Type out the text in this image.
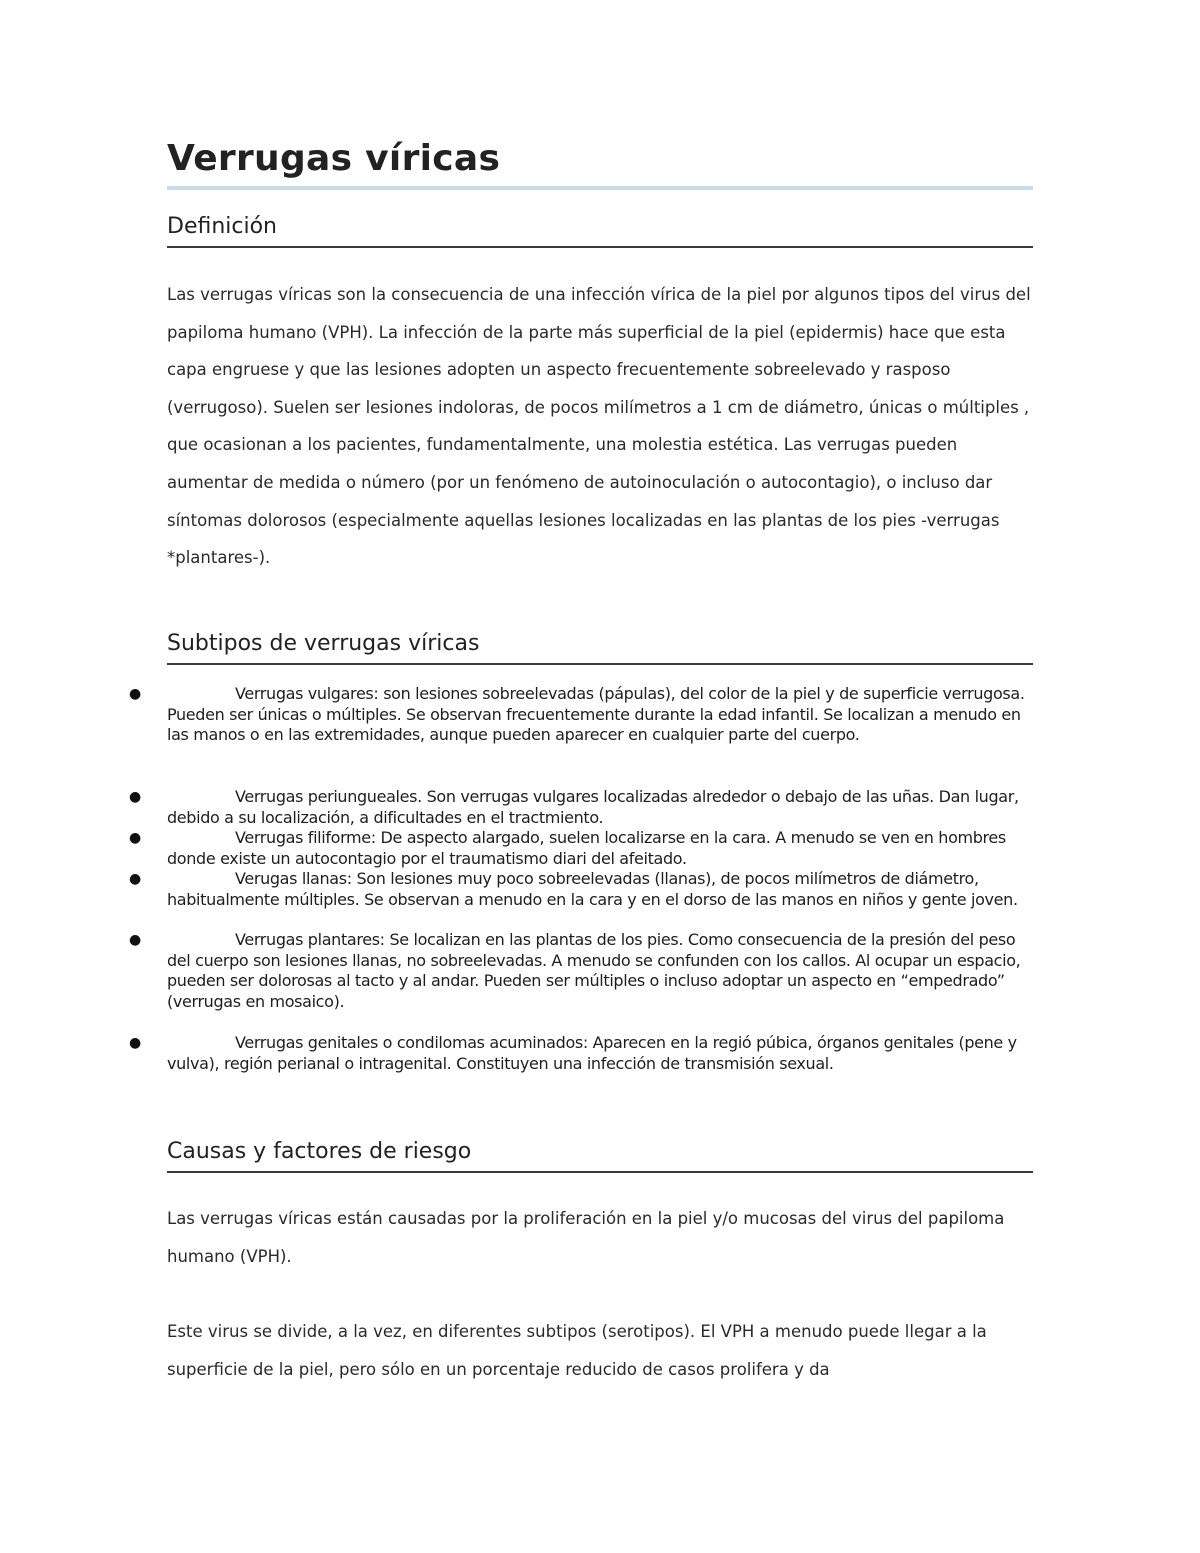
Verrugas víricas
Definición

Las verrugas víricas son la consecuencia de una infección vírica de la piel por algunos tipos del virus del papiloma humano (VPH). La infección de la parte más superficial de la piel (epidermis) hace que esta capa engruese y que las lesiones adopten un aspecto frecuentemente sobreelevado y rasposo (verrugoso). Suelen ser lesiones indoloras, de pocos milímetros a 1 cm de diámetro, únicas o múltiples , que ocasionan a los pacientes, fundamentalmente, una molestia estética. Las verrugas pueden aumentar de medida o número (por un fenómeno de autoinoculación o autocontagio), o incluso dar síntomas dolorosos (especialmente aquellas lesiones localizadas en las plantas de los pies -verrugas *plantares-).

Subtipos de verrugas víricas
●	Verrugas vulgares: son lesiones sobreelevadas (pápulas), del color de la piel y de superficie verrugosa. Pueden ser únicas o múltiples. Se observan frecuentemente durante la edad infantil. Se localizan a menudo en las manos o en las extremidades, aunque pueden aparecer en cualquier parte del cuerpo.
●	Verrugas periungueales. Son verrugas vulgares localizadas alrededor o debajo de las uñas. Dan lugar, debido a su localización, a dificultades en el tractmiento.
●	Verrugas filiforme: De aspecto alargado, suelen localizarse en la cara. A menudo se ven en hombres donde existe un autocontagio por el traumatismo diari del afeitado.
●	Verugas llanas: Son lesiones muy poco sobreelevadas (llanas), de pocos milímetros de diámetro, habitualmente múltiples. Se observan a menudo en la cara y en el dorso de las manos en niños y gente joven.
●	Verrugas plantares: Se localizan en las plantas de los pies. Como consecuencia de la presión del peso del cuerpo son lesiones llanas, no sobreelevadas. A menudo se confunden con los callos. Al ocupar un espacio, pueden ser dolorosas al tacto y al andar. Pueden ser múltiples o incluso adoptar un aspecto en “empedrado” (verrugas en mosaico).
●	Verrugas genitales o condilomas acuminados: Aparecen en la regió púbica, órganos genitales (pene y vulva), región perianal o intragenital. Constituyen una infección de transmisión sexual.
Causas y factores de riesgo

Las verrugas víricas están causadas por la proliferación en la piel y/o mucosas del virus del papiloma humano (VPH).

Este virus se divide, a la vez, en diferentes subtipos (serotipos). El VPH a menudo puede llegar a la superficie de la piel, pero sólo en un porcentaje reducido de casos prolifera y da
